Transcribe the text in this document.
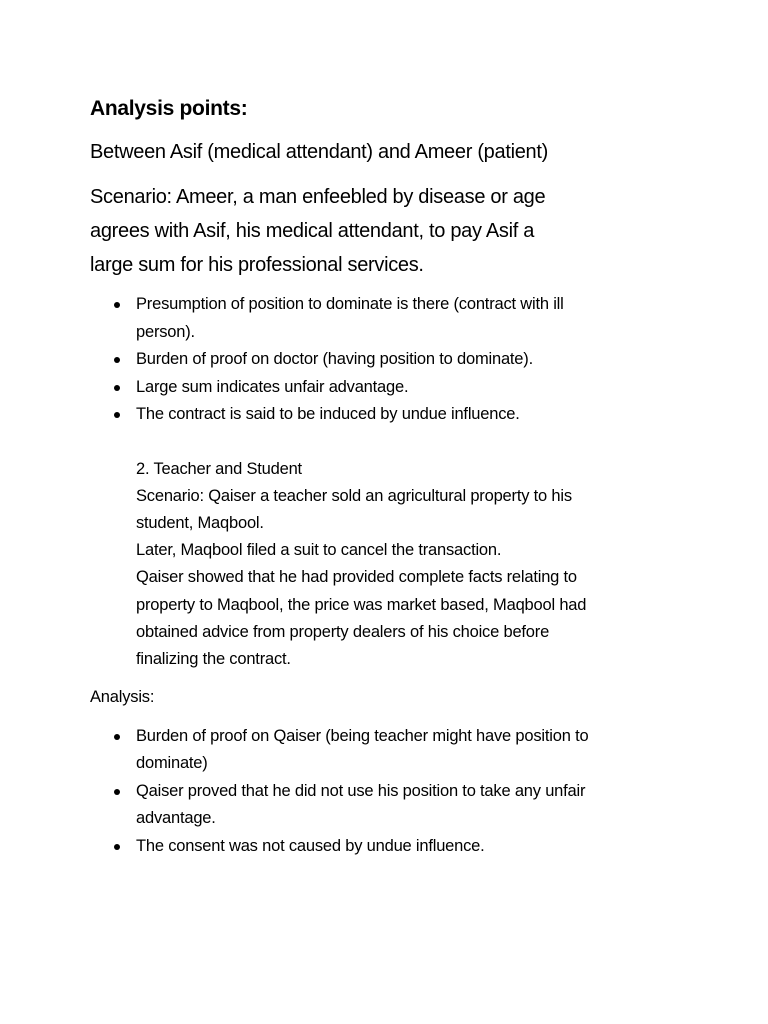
Analysis points:
Between Asif (medical attendant) and Ameer (patient)
Scenario: Ameer, a man enfeebled by disease or age
agrees with Asif, his medical attendant, to pay Asif a
large sum for his professional services.
Presumption of position to dominate is there (contract with ill
person).
Burden of proof on doctor (having position to dominate).
Large sum indicates unfair advantage.
The contract is said to be induced by undue influence.

2. Teacher and Student

Scenario: Qaiser a teacher sold an agricultural property to his

student, Maqbool.

Later, Maqbool filed a suit to cancel the transaction.

Qaiser showed that he had provided complete facts relating to

property to Maqbool, the price was market based, Maqbool had

obtained advice from property dealers of his choice before

finalizing the contract.

Analysis:
Burden of proof on Qaiser (being teacher might have position to
dominate)
Qaiser proved that he did not use his position to take any unfair
advantage.
The consent was not caused by undue influence.
